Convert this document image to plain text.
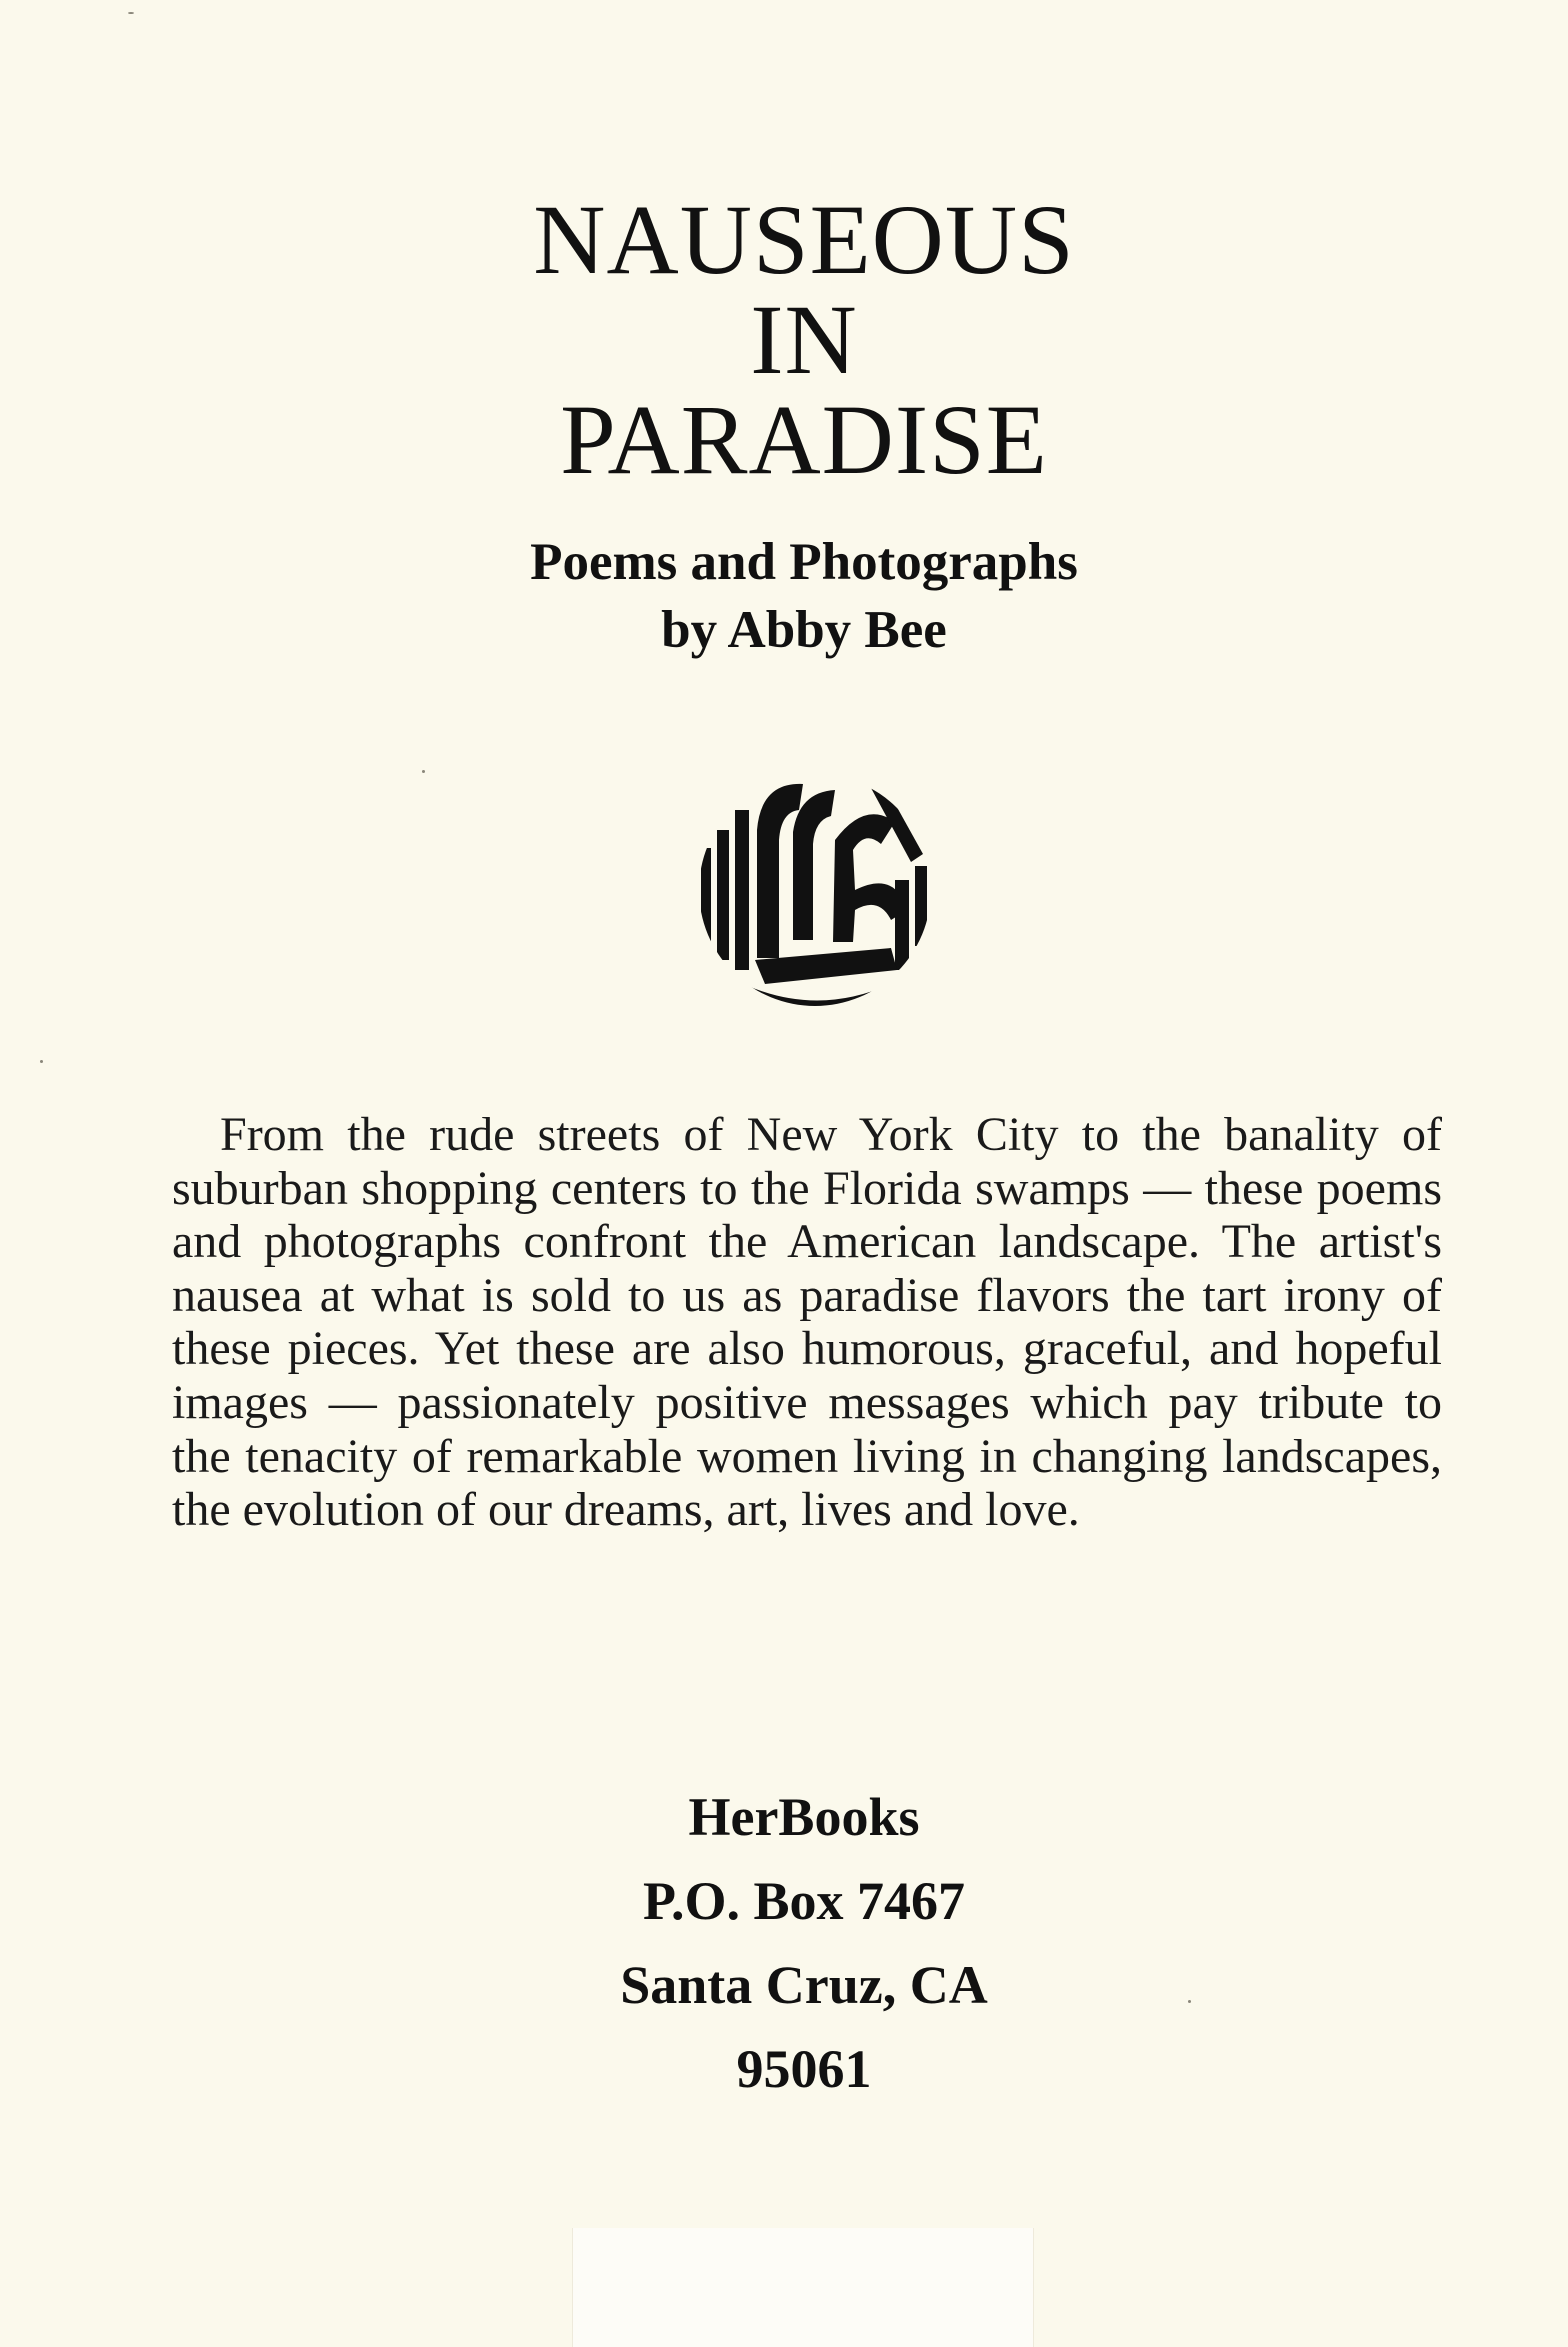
NAUSEOUS
IN
PARADISE
Poems and Photographs
by Abby Bee
From the rude streets of New York City to the banality of suburban shopping centers to the Florida swamps — these poems and photographs confront the American landscape. The artist's nausea at what is sold to us as paradise flavors the tart irony of these pieces. Yet these are also humorous, graceful, and hopeful images — passionately positive messages which pay tribute to the tenacity of remarkable women living in changing landscapes, the evolution of our dreams, art, lives and love.
HerBooks
P.O. Box 7467
Santa Cruz, CA
95061
